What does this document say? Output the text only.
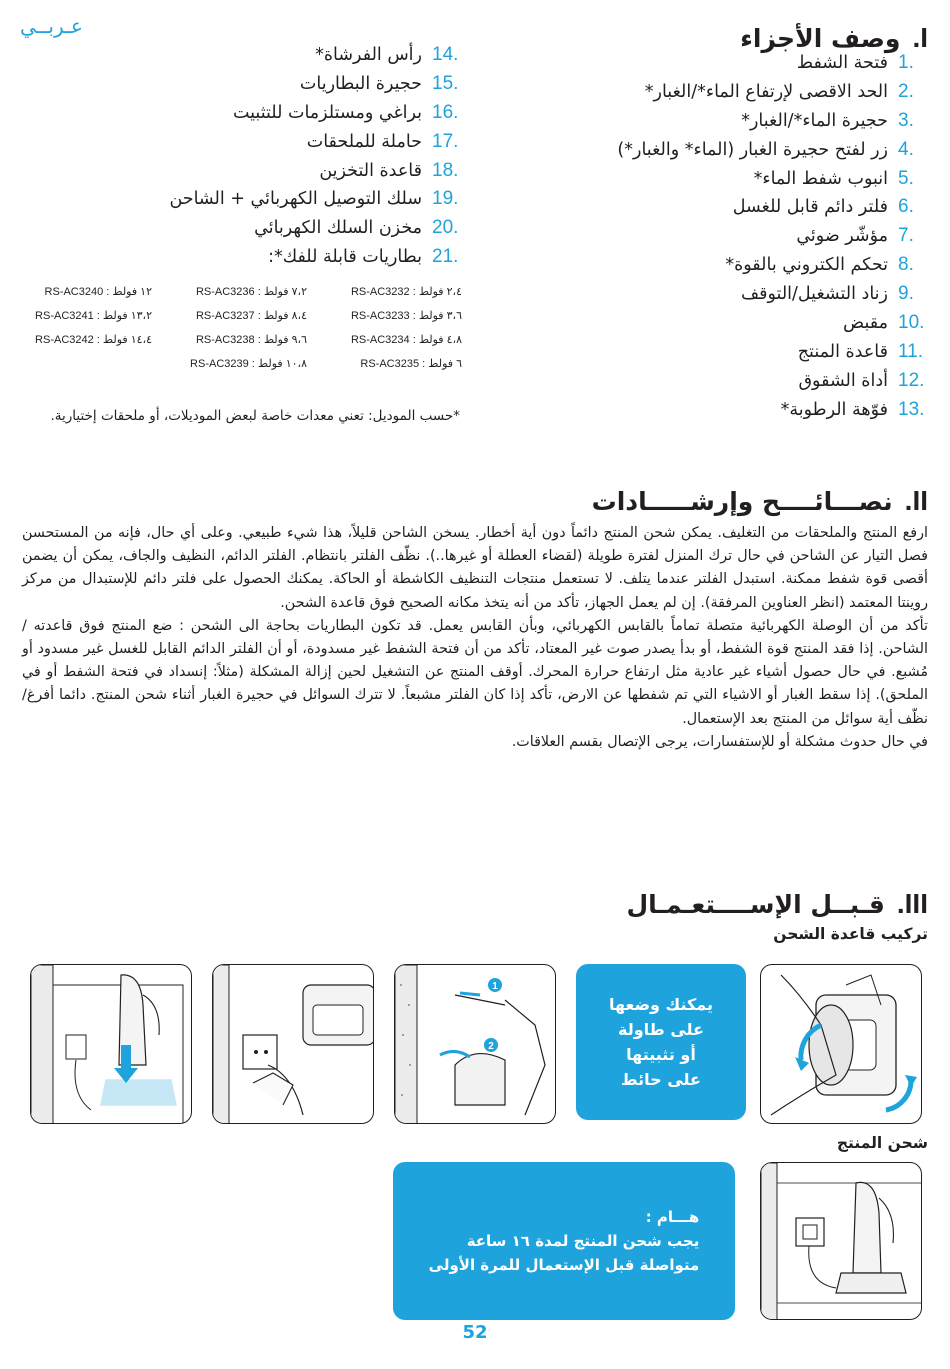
عـربــي	I.
وصف الأجزاء
1.
فتحة الشفط
2.
الحد الاقصى لإرتفاع الماء*/الغبار*
3.
حجيرة الماء*/الغبار*
4.
زر لفتح حجيرة الغبار (الماء* والغبار*)
5.
انبوب شفط الماء*
6.
فلتر دائم قابل للغسل
7.
مؤشّر ضوئي
8.
تحكم الكتروني بالقوة*
9.
زناد التشغيل/التوقف
10.
مقبض
11.
قاعدة المنتج
12.
أداة الشقوق
13.
فوّهة الرطوبة*
14.
رأس الفرشاة*
15.
حجيرة البطاريات
16.
براغي ومستلزمات للتثبيت
17.
حاملة للملحقات
18.
قاعدة التخزين
19.
سلك التوصيل الكهربائي + الشاحن
20.
مخزن السلك الكهربائي
21.
بطاريات قابلة للفك*:
٢،٤ فولط : RS-AC3232
٧،٢ فولط : RS-AC3236
١٢ فولط : RS-AC3240
٣،٦ فولط : RS-AC3233
٨،٤ فولط : RS-AC3237
١٣،٢ فولط : RS-AC3241
٤،٨ فولط : RS-AC3234
٩،٦ فولط : RS-AC3238
١٤،٤ فولط : RS-AC3242
٦ فولط : RS-AC3235
١٠،٨ فولط : RS-AC3239
*حسب الموديل: تعني معدات خاصة لبعض الموديلات، أو ملحقات إختيارية.
II.
نصـــائــــح وإرشـــــادات

ارفع المنتج والملحقات من التغليف. يمكن شحن المنتج دائماً دون أية أخطار. يسخن الشاحن قليلاً، هذا شيء طبيعي. وعلى أي حال، فإنه من المستحسن فصل التيار عن الشاحن في حال ترك المنزل لفترة طويلة (لقضاء العطلة أو غيرها..). نظّف الفلتر بانتظام. الفلتر الدائم، النظيف والجاف، يمكن أن يضمن أقصى قوة شفط ممكنة. استبدل الفلتر عندما يتلف. لا تستعمل منتجات التنظيف الكاشطة أو الحاكة. يمكنك الحصول على فلتر دائم للإستبدال من مركز روينتا المعتمد (انظر العناوين المرفقة). إن لم يعمل الجهاز، تأكد من أنه يتخذ مكانه الصحيح فوق قاعدة الشحن.

تأكد من أن الوصلة الكهربائية متصلة تماماً بالقابس الكهربائي، وبأن القابس يعمل. قد تكون البطاريات بحاجة الى الشحن : ضع المنتج فوق قاعدته / الشاحن. إذا فقد المنتج قوة الشفط، أو بدأ يصدر صوت غير المعتاد، تأكد من أن فتحة الشفط غير مسدودة، أو أن الفلتر الدائم القابل للغسل غير مسدود أو مُشبع. في حال حصول أشياء غير عادية مثل ارتفاع حرارة المحرك. أوقف المنتج عن التشغيل لحين إزالة المشكلة (مثلاً: إنسداد في فتحة الشفط أو في الملحق). إذا سقط الغبار أو الاشياء التي تم شفطها عن الارض، تأكد إذا كان الفلتر مشبعاً. لا تترك السوائل في حجيرة الغبار أثناء شحن المنتج. دائما أفرغ/نظّف أية سوائل من المنتج بعد الإستعمال.

في حال حدوث مشكلة أو للإستفسارات، يرجى الإتصال بقسم العلاقات.

III.
قـبــل الإســــتعـمـال
تركيب قاعدة الشحن
يمكنك وضعها
على طاولة
أو تثبيتها
على حائط
1
2
شحن المنتج
هـــام :
يجب شحن المنتج لمدة ١٦ ساعة
متواصلة قبل الإستعمال للمرة الأولى
52
